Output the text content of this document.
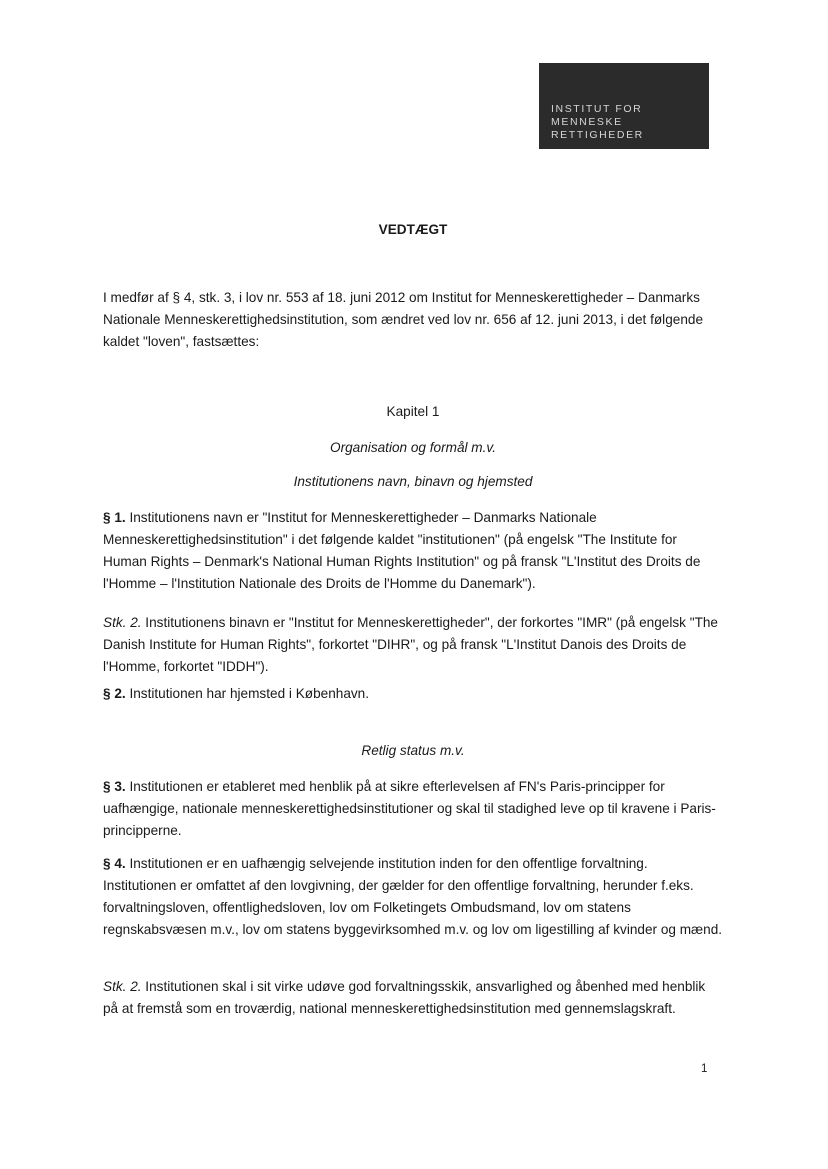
INSTITUT FOR
MENNESKE
RETTIGHEDER
VEDTÆGT

I medfør af § 4, stk. 3, i lov nr. 553 af 18. juni 2012 om Institut for Menneskerettigheder – Danmarks Nationale Menneskerettighedsinstitution, som ændret ved lov nr. 656 af 12. juni 2013, i det følgende kaldet "loven", fastsættes:

Kapitel 1
Organisation og formål m.v.
Institutionens navn, binavn og hjemsted

§ 1. Institutionens navn er "Institut for Menneskerettigheder – Danmarks Nationale Menneskerettighedsinstitution" i det følgende kaldet "institutionen" (på engelsk "The Institute for Human Rights – Denmark's National Human Rights Institution" og på fransk "L'Institut des Droits de l'Homme – l'Institution Nationale des Droits de l'Homme du Danemark").

Stk. 2. Institutionens binavn er "Institut for Menneskerettigheder", der forkortes "IMR" (på engelsk "The Danish Institute for Human Rights", forkortet "DIHR", og på fransk "L'Institut Danois des Droits de l'Homme, forkortet "IDDH").

§ 2. Institutionen har hjemsted i København.

Retlig status m.v.

§ 3. Institutionen er etableret med henblik på at sikre efterlevelsen af FN's Paris-principper for uafhængige, nationale menneskerettighedsinstitutioner og skal til stadighed leve op til kravene i Paris-principperne.

§ 4. Institutionen er en uafhængig selvejende institution inden for den offentlige forvaltning. Institutionen er omfattet af den lovgivning, der gælder for den offentlige forvaltning, herunder f.eks. forvaltningsloven, offentlighedsloven, lov om Folketingets Ombudsmand, lov om statens regnskabsvæsen m.v., lov om statens byggevirksomhed m.v. og lov om ligestilling af kvinder og mænd.

Stk. 2. Institutionen skal i sit virke udøve god forvaltningsskik, ansvarlighed og åbenhed med henblik på at fremstå som en troværdig, national menneskerettighedsinstitution med gennemslagskraft.

1
